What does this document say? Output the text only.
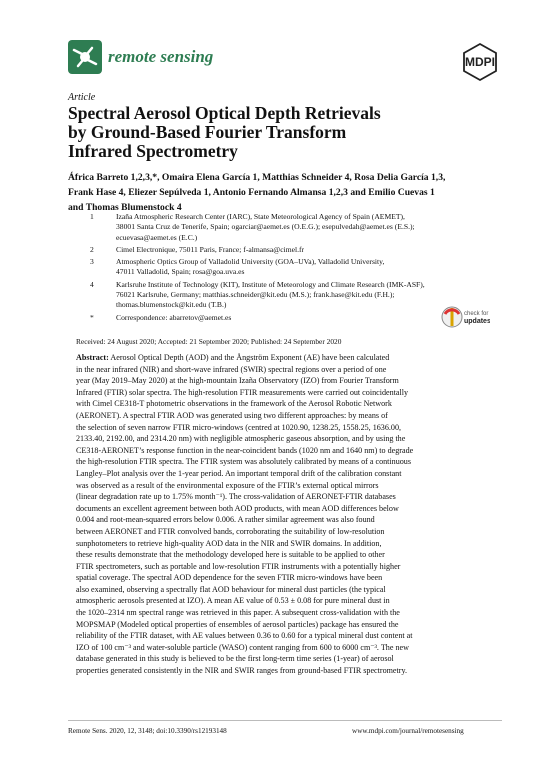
remote sensing	MDPI
Article
Spectral Aerosol Optical Depth Retrievals
by Ground-Based Fourier Transform
Infrared Spectrometry
África Barreto 1,2,3,*, Omaira Elena García 1, Matthias Schneider 4, Rosa Delia García 1,3,
Frank Hase 4, Eliezer Sepúlveda 1, Antonio Fernando Almansa 1,2,3 and Emilio Cuevas 1
and Thomas Blumenstock 4
1	Izaña Atmospheric Research Center (IARC), State Meteorological Agency of Spain (AEMET),
38001 Santa Cruz de Tenerife, Spain; ogarciar@aemet.es (O.E.G.); esepulvedah@aemet.es (E.S.);
ecuevasa@aemet.es (E.C.)
2	Cimel Electronique, 75011 Paris, France; f-almansa@cimel.fr
3	Atmospheric Optics Group of Valladolid University (GOA–UVa), Valladolid University,
47011 Valladolid, Spain; rosa@goa.uva.es
4	Karlsruhe Institute of Technology (KIT), Institute of Meteorology and Climate Research (IMK-ASF),
76021 Karlsruhe, Germany; matthias.schneider@kit.edu (M.S.); frank.hase@kit.edu (F.H.);
thomas.blumenstock@kit.edu (T.B.)
*	Correspondence: abarretov@aemet.es	check for
updates
Received: 24 August 2020; Accepted: 21 September 2020; Published: 24 September 2020
Abstract: Aerosol Optical Depth (AOD) and the Ångström Exponent (AE) have been calculated
in the near infrared (NIR) and short-wave infrared (SWIR) spectral regions over a period of one
year (May 2019–May 2020) at the high-mountain Izaña Observatory (IZO) from Fourier Transform
Infrared (FTIR) solar spectra. The high-resolution FTIR measurements were carried out coincidentally
with Cimel CE318-T photometric observations in the framework of the Aerosol Robotic Network
(AERONET). A spectral FTIR AOD was generated using two different approaches: by means of
the selection of seven narrow FTIR micro-windows (centred at 1020.90, 1238.25, 1558.25, 1636.00,
2133.40, 2192.00, and 2314.20 nm) with negligible atmospheric gaseous absorption, and by using the
CE318-AERONET’s response function in the near-coincident bands (1020 nm and 1640 nm) to degrade
the high-resolution FTIR spectra. The FTIR system was absolutely calibrated by means of a continuous
Langley–Plot analysis over the 1-year period. An important temporal drift of the calibration constant
was observed as a result of the environmental exposure of the FTIR’s external optical mirrors
(linear degradation rate up to 1.75% month⁻¹). The cross-validation of AERONET-FTIR databases
documents an excellent agreement between both AOD products, with mean AOD differences below
0.004 and root-mean-squared errors below 0.006. A rather similar agreement was also found
between AERONET and FTIR convolved bands, corroborating the suitability of low-resolution
sunphotometers to retrieve high-quality AOD data in the NIR and SWIR domains. In addition,
these results demonstrate that the methodology developed here is suitable to be applied to other
FTIR spectrometers, such as portable and low-resolution FTIR instruments with a potentially higher
spatial coverage. The spectral AOD dependence for the seven FTIR micro-windows have been
also examined, observing a spectrally flat AOD behaviour for mineral dust particles (the typical
atmospheric aerosols presented at IZO). A mean AE value of 0.53 ± 0.08 for pure mineral dust in
the 1020–2314 nm spectral range was retrieved in this paper. A subsequent cross-validation with the
MOPSMAP (Modeled optical properties of ensembles of aerosol particles) package has ensured the
reliability of the FTIR dataset, with AE values between 0.36 to 0.60 for a typical mineral dust content at
IZO of 100 cm⁻³ and water-soluble particle (WASO) content ranging from 600 to 6000 cm⁻³. The new
database generated in this study is believed to be the first long-term time series (1-year) of aerosol
properties generated consistently in the NIR and SWIR ranges from ground-based FTIR spectrometry.
Remote Sens. 2020, 12, 3148; doi:10.3390/rs12193148	www.mdpi.com/journal/remotesensing
